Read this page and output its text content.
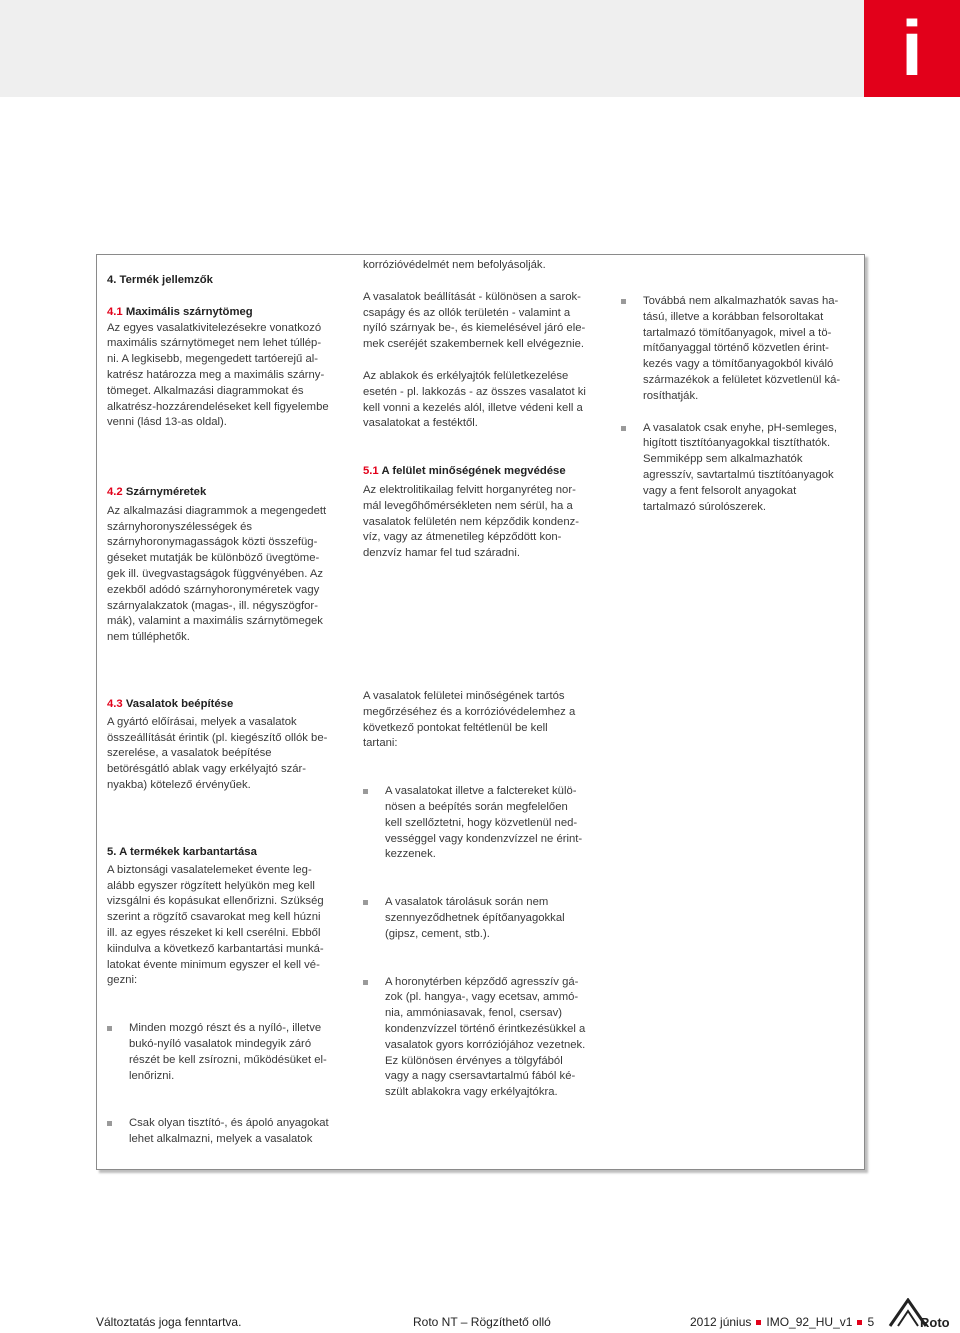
i

4. Termék jellemzők

4.1 Maximális szárnytömeg

Az egyes vasalatkivitelezésekre vonatkozó
maximális szárnytömeget nem lehet túllép-
ni. A legkisebb, megengedett tartóerejű al-
katrész határozza meg a maximális szárny-
tömeget. Alkalmazási diagrammokat és
alkatrész-hozzárendeléseket kell figyelembe
venni (lásd 13-as oldal).

4.2 Szárnyméretek

Az alkalmazási diagrammok a megengedett
szárnyhoronyszélességek és
szárnyhoronymagasságok közti összefüg-
géseket mutatják be különböző üvegtöme-
gek ill. üvegvastagságok függvényében. Az
ezekből adódó szárnyhoronyméretek vagy
szárnyalakzatok (magas-, ill. négyszögfor-
mák), valamint a maximális szárnytömegek
nem túlléphetők.
korrózióvédelmét nem befolyásolják.

A vasalatok beállítását - különösen a sarok-
csapágy és az ollók területén - valamint a
nyíló szárnyak be-, és kiemelésével járó ele-
mek cseréjét szakembernek kell elvégeznie.

Az ablakok és erkélyajtók felületkezelése
esetén - pl. lakkozás - az összes vasalatot ki
kell vonni a kezelés alól, illetve védeni kell a
vasalatokat a festéktől.

5.1 A felület minőségének megvédése

Az elektrolitikailag felvitt horganyréteg nor-
mál levegőhőmérsékleten nem sérül, ha a
vasalatok felületén nem képződik kondenz-
víz, vagy az átmenetileg képződött kon-
denzvíz hamar fel tud száradni.
Továbbá nem alkalmazhatók savas ha-
tású, illetve a korábban felsoroltakat
tartalmazó tömítőanyagok, mivel a tö-
mítőanyaggal történő közvetlen érint-
kezés vagy a tömítőanyagokból kiváló
származékok a felületet közvetlenül ká-
rosíthatják.

A vasalatok csak enyhe, pH-semleges,
higított tisztítóanyagokkal tisztíthatók.
Semmiképp sem alkalmazhatók
agresszív, savtartalmú tisztítóanyagok
vagy a fent felsorolt anyagokat
tartalmazó súrolószerek.

4.3 Vasalatok beépítése

A gyártó előírásai, melyek a vasalatok
összeállítását érintik (pl. kiegészítő ollók be-
szerelése, a vasalatok beépítése
betörésgátló ablak vagy erkélyajtó szár-
nyakba) kötelező érvényűek.

5. A termékek karbantartása

A biztonsági vasalatelemeket évente leg-
alább egyszer rögzített helyükön meg kell
vizsgálni és kopásukat ellenőrizni. Szükség
szerint a rögzítő csavarokat meg kell húzni
ill. az egyes részeket ki kell cserélni. Ebből
kiindulva a következő karbantartási munká-
latokat évente minimum egyszer el kell vé-
gezni:

Minden mozgó részt és a nyíló-, illetve
bukó-nyíló vasalatok mindegyik záró
részét be kell zsírozni, működésüket el-
lenőrizni.

Csak olyan tisztító-, és ápoló anyagokat
lehet alkalmazni, melyek a vasalatok
A vasalatok felületei minőségének tartós
megőrzéséhez és a korrózióvédelemhez a
következő pontokat feltétlenül be kell
tartani:

A vasalatokat illetve a falctereket külö-
nösen a beépítés során megfelelően
kell szellőztetni, hogy közvetlenül ned-
vességgel vagy kondenzvízzel ne érint-
kezzenek.

A vasalatok tárolásuk során nem
szennyeződhetnek építőanyagokkal
(gipsz, cement, stb.).

A horonytérben képződő agresszív gá-
zok (pl. hangya-, vagy ecetsav, ammó-
nia, ammóniasavak, fenol, csersav)
kondenzvízzel történő érintkezésükkel a
vasalatok gyors korróziójához vezetnek.
Ez különösen érvényes a tölgyfából
vagy a nagy csersavtartalmú fából ké-
szült ablakokra vagy erkélyajtókra.
Változtatás joga fenntartva.	Roto NT – Rögzíthető olló	2012 június IMO_92_HU_v1 5	Roto
